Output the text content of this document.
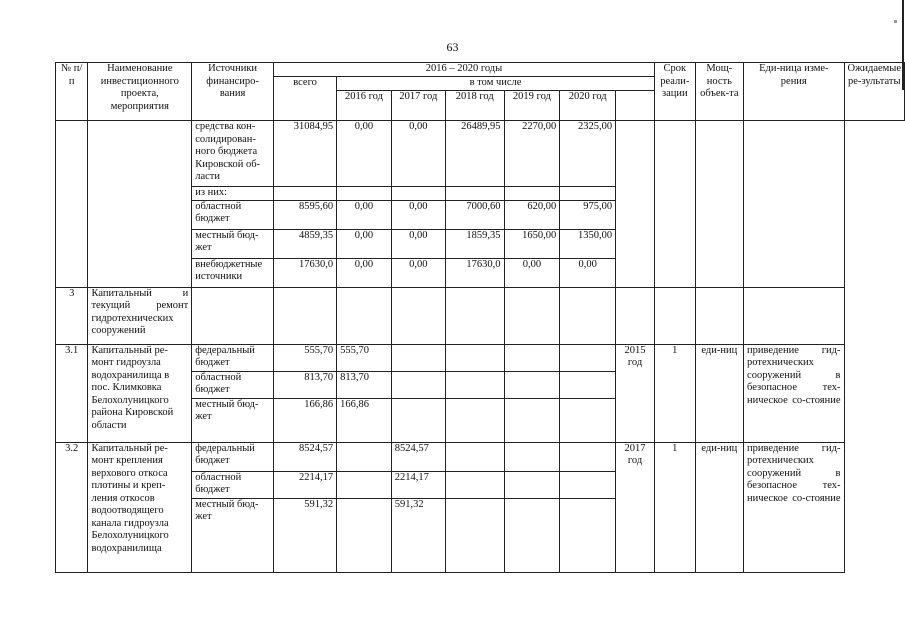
63
№ п/п	Наименование инвестиционного проекта, мероприятия	Источники финансиро-вания	2016 – 2020 годы							Срок реали-зации	Мощ-ность объек-та	Еди-ница изме-рения	Ожидаемые ре-зультаты
			всего	в том числе									
				2016 год	2017 год	2018 год	2019 год	2020 год					
		средства кон-солидирован-ного бюджета Кировской об-ласти	31084,95	0,00	0,00	26489,95	2270,00	2325,00					
		из них:											
		областной бюджет	8595,60	0,00	0,00	7000,60	620,00	975,00					
		местный бюд-жет	4859,35	0,00	0,00	1859,35	1650,00	1350,00					
		внебюджетные источники	17630,0	0,00	0,00	17630,0	0,00	0,00					
3	Капитальный и текущий ремонт гидротехнических сооружений												

3.1	Капитальный ре-монт гидроузла водохранилища в пос. Климковка Белохолуницкого района Кировской области	федеральный бюджет	555,70	555,70					2015 год	1	еди-ниц	приведение гид-ротехнических сооружений в безопасное тех-ническое со-стояние	

		областной бюджет	813,70	813,70									
		местный бюд-жет	166,86	166,86									
3.2	Капитальный ре-монт крепления верхового откоса плотины и креп-ления откосов водоотводящего канала гидроузла Белохолуницкого водохранилища	федеральный бюджет	8524,57		8524,57				2017 год	1	еди-ниц	приведение гид-ротехнических сооружений в безопасное тех-ническое со-стояние	

		областной бюджет	2214,17		2214,17								
		местный бюд-жет	591,32		591,32								
